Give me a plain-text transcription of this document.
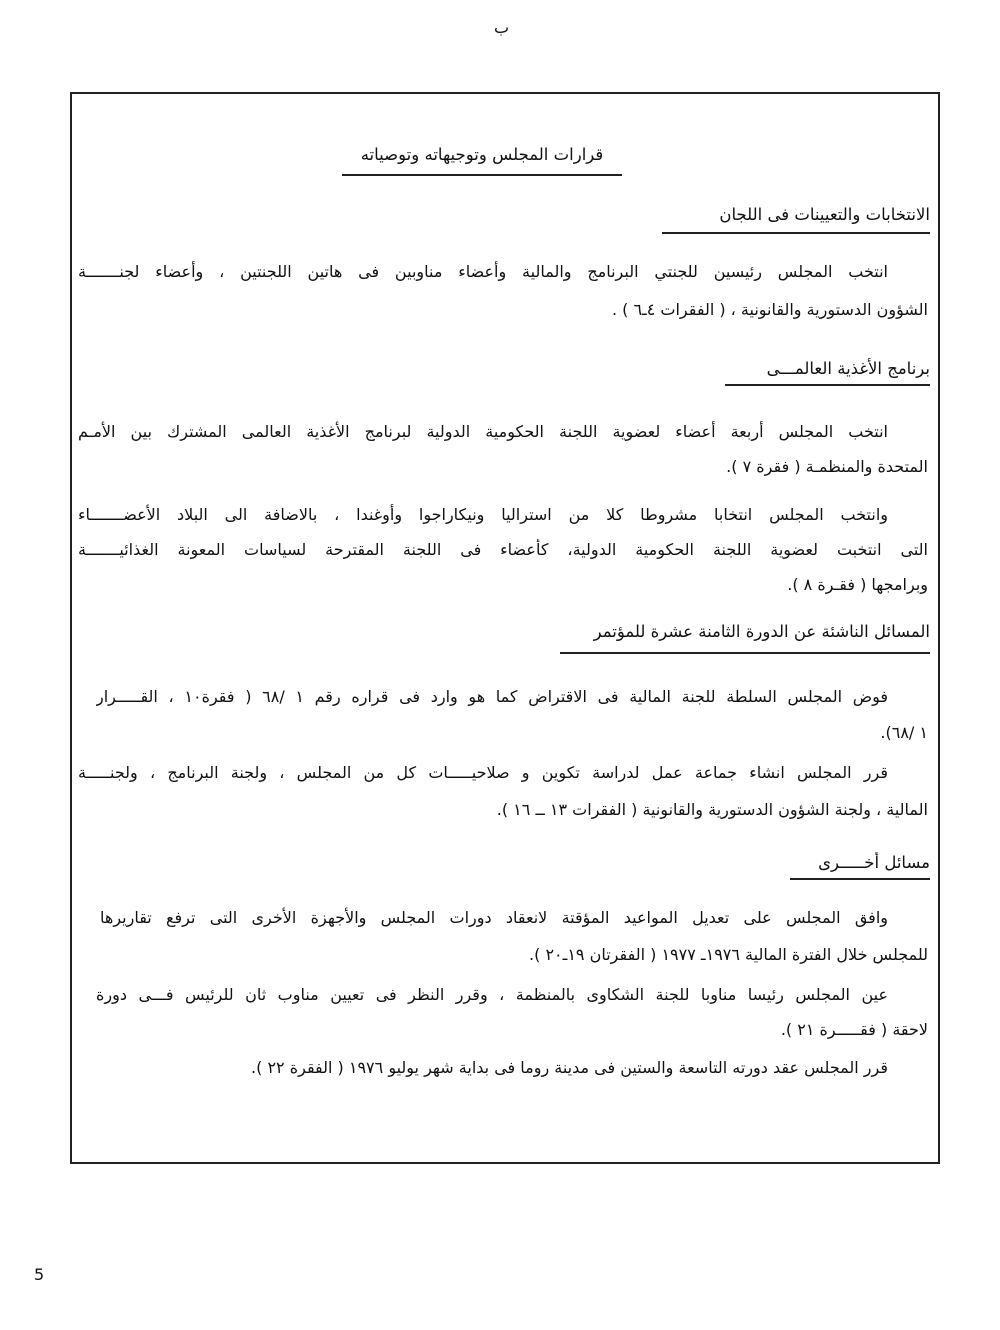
ب
5
قرارات المجلس وتوجيهاته وتوصياته
الانتخابات والتعيينات فى اللجان
انتخب المجلس رئيسين للجنتي البرنامج والمالية وأعضاء مناوبين فى هاتين اللجنتين ، وأعضاء لجنـــــــة
الشؤون الدستورية والقانونية ، ( الفقرات ٤ـ٦ ) .
برنامج الأغذية العالمـــى
انتخب المجلس أربعة أعضاء لعضوية اللجنة الحكومية الدولية لبرنامج الأغذية العالمى المشترك بين الأمـم
المتحدة والمنظمـة ( فقرة ٧ ).
وانتخب المجلس انتخابا مشروطا كلا من استراليا ونيكاراجوا وأوغندا ، بالاضافة الى البلاد الأعضـــــــاء
التى انتخبت لعضوية اللجنة الحكومية الدولية، كأعضاء فى اللجنة المقترحة لسياسات المعونة الغذائيـــــــة
وبرامجها ( فقـرة ٨ ).
المسائل الناشئة عن الدورة الثامنة عشرة للمؤتمر
فوض المجلس السلطة للجنة المالية فى الاقتراض كما هو وارد فى قراره رقم ١ /٦٨ ( فقرة١٠ ، القـــــرار
١ /٦٨).
قرر المجلس انشاء جماعة عمل لدراسة تكوين و صلاحيـــــات كل من المجلس ، ولجنة البرنامج ، ولجنـــــة
المالية ، ولجنة الشؤون الدستورية والقانونية ( الفقرات ١٣ ــ ١٦ ).
مسائل أخـــــرى
وافق المجلس على تعديل المواعيد المؤقتة لانعقاد دورات المجلس والأجهزة الأخرى التى ترفع تقاريرها
للمجلس خلال الفترة المالية ١٩٧٦ـ ١٩٧٧ ( الفقرتان ١٩ـ٢٠ ).
عين المجلس رئيسا مناوبا للجنة الشكاوى بالمنظمة ، وقرر النظر فى تعيين مناوب ثان للرئيس فـــى دورة
لاحقة ( فقـــــرة ٢١ ).
قرر المجلس عقد دورته التاسعة والستين فى مدينة روما فى بداية شهر يوليو ١٩٧٦ ( الفقرة ٢٢ ).
